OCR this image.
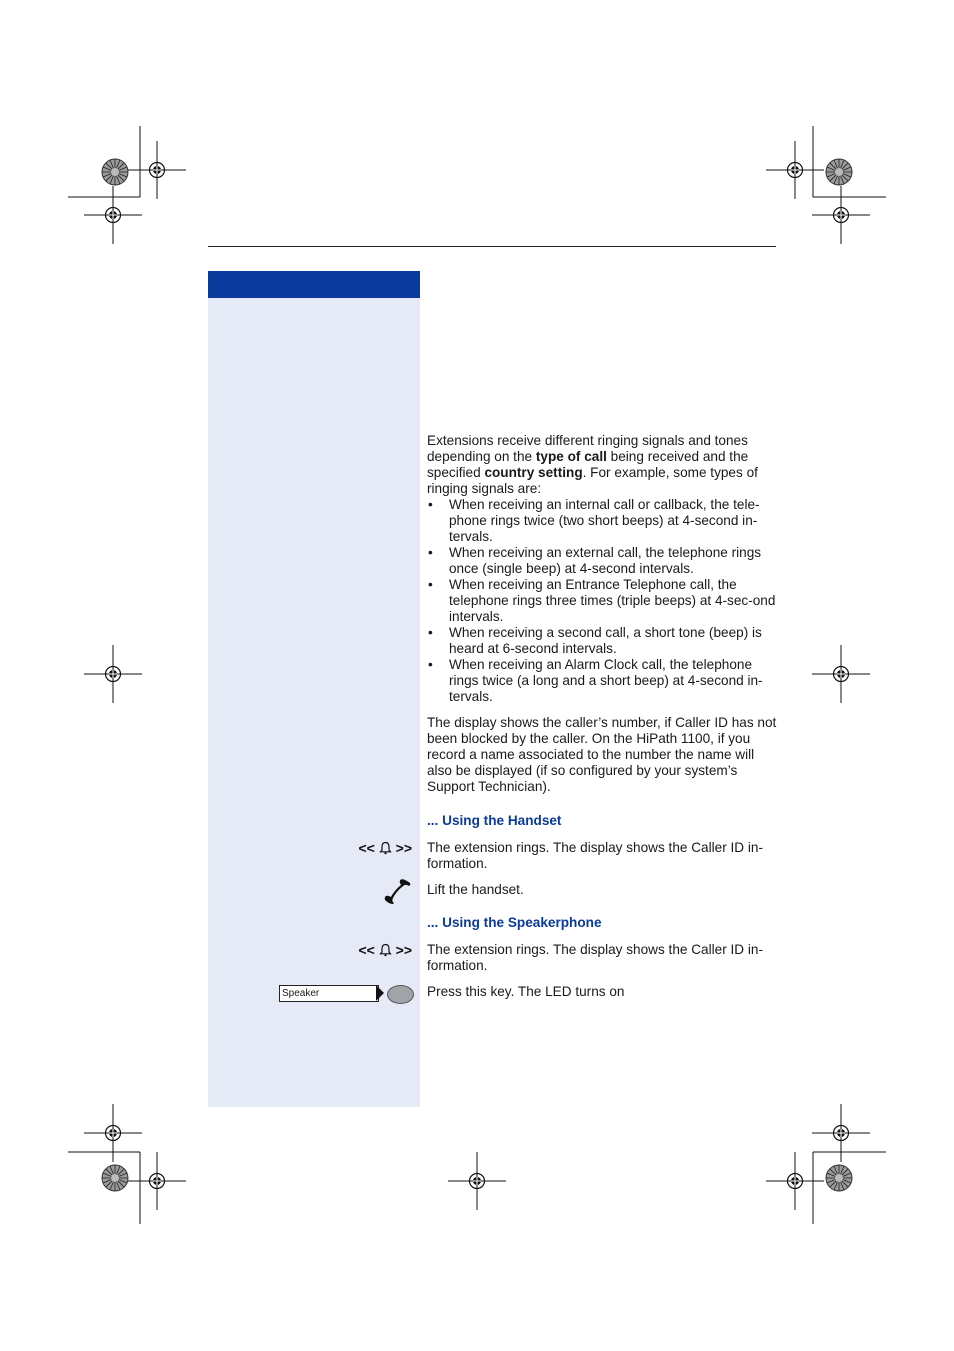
Extensions receive different ringing signals and tones depending on the type of call being received and the specified country setting. For example, some types of ringing signals are:

• When receiving an internal call or callback, the tele-phone rings twice (two short beeps) at 4-second in-tervals.
• When receiving an external call, the telephone rings once (single beep) at 4-second intervals.
• When receiving an Entrance Telephone call, the telephone rings three times (triple beeps) at 4-sec-ond intervals.
• When receiving a second call, a short tone (beep) is heard at 6-second intervals.
• When receiving an Alarm Clock call, the telephone rings twice (a long and a short beep) at 4-second in-tervals.
The display shows the caller’s number, if Caller ID has not been blocked by the caller. On the HiPath 1100, if you record a name associated to the number the name will also be displayed (if so configured by your system’s Support Technician).
... Using the Handset
<< >> The extension rings. The display shows the Caller ID in-formation.
Lift the handset.
... Using the Speakerphone
<< >> The extension rings. The display shows the Caller ID in-formation.
Speaker	Press this key. The LED turns on
